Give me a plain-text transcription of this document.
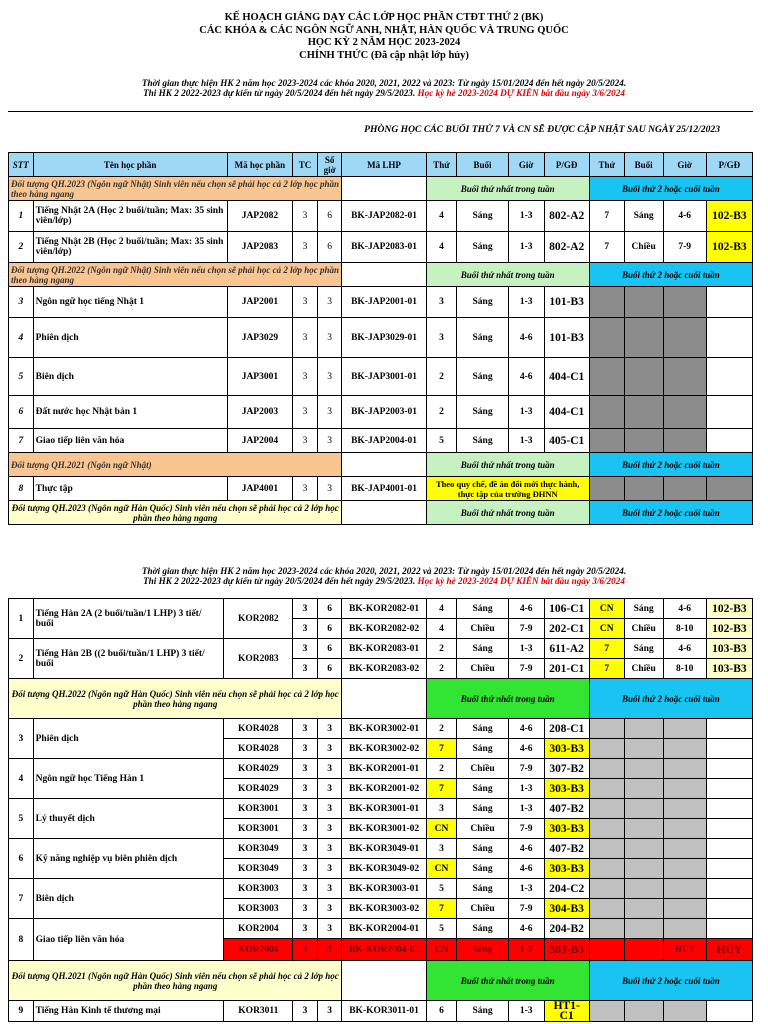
KẾ HOẠCH GIẢNG DẠY CÁC LỚP HỌC PHẦN CTĐT THỨ 2 (BK)
CÁC KHÓA & CÁC NGÔN NGỮ ANH, NHẬT, HÀN QUỐC VÀ TRUNG QUỐC
HỌC KỲ 2 NĂM HỌC 2023-2024
CHÍNH THỨC (Đã cập nhật lớp hủy)
Thời gian thực hiện HK 2 năm học 2023-2024 các khóa 2020, 2021, 2022 và 2023: Từ ngày 15/01/2024 đến hết ngày 20/5/2024.
Thi HK 2 2022-2023 dự kiến từ ngày 20/5/2024 đến hết ngày 29/5/2023. Học kỳ hè 2023-2024 DỰ KIẾN bắt đầu ngày 3/6/2024
PHÒNG HỌC CÁC BUỔI THỨ 7 VÀ CN SẼ ĐƯỢC CẬP NHẬT SAU NGÀY 25/12/2023
STT	Tên học phần	Mã học phần	TC	Số giờ	Mã LHP	Thứ	Buổi	Giờ	P/GĐ	Thứ	Buổi	Giờ	P/GĐ
Đối tượng QH.2023 (Ngôn ngữ Nhật) Sinh viên nếu chọn sẽ phải học cả 2 lớp học phần theo hàng ngang						Buổi thứ nhất trong tuần				Buổi thứ 2 hoặc cuối tuần			
1	Tiếng Nhật 2A (Học 2 buổi/tuần; Max: 35 sinh viên/lớp)	JAP2082	3	6	BK-JAP2082-01	4	Sáng	1-3	802-A2	7	Sáng	4-6	102-B3
2	Tiếng Nhật 2B (Học 2 buổi/tuần; Max: 35 sinh viên/lớp)	JAP2083	3	6	BK-JAP2083-01	4	Sáng	1-3	802-A2	7	Chiều	7-9	102-B3
Đối tượng QH.2022 (Ngôn ngữ Nhật) Sinh viên nếu chọn sẽ phải học cả 2 lớp học phần theo hàng ngang						Buổi thứ nhất trong tuần				Buổi thứ 2 hoặc cuối tuần			
3	Ngôn ngữ học tiếng Nhật 1	JAP2001	3	3	BK-JAP2001-01	3	Sáng	1-3	101-B3				
4	Phiên dịch	JAP3029	3	3	BK-JAP3029-01	3	Sáng	4-6	101-B3				
5	Biên dịch	JAP3001	3	3	BK-JAP3001-01	2	Sáng	4-6	404-C1				
6	Đất nước học Nhật bản 1	JAP2003	3	3	BK-JAP2003-01	2	Sáng	1-3	404-C1				
7	Giao tiếp liên văn hóa	JAP2004	3	3	BK-JAP2004-01	5	Sáng	1-3	405-C1				
Đối tượng QH.2021 (Ngôn ngữ Nhật)						Buổi thứ nhất trong tuần				Buổi thứ 2 hoặc cuối tuần			
8	Thực tập	JAP4001	3	3	BK-JAP4001-01	Theo quy chế, đề án đổi mới thực hành, thực tập của trường ĐHNN							
Đối tượng QH.2023 (Ngôn ngữ Hàn Quốc) Sinh viên nếu chọn sẽ phải học cả 2 lớp học phần theo hàng ngang						Buổi thứ nhất trong tuần				Buổi thứ 2 hoặc cuối tuần			
Thời gian thực hiện HK 2 năm học 2023-2024 các khóa 2020, 2021, 2022 và 2023: Từ ngày 15/01/2024 đến hết ngày 20/5/2024.
Thi HK 2 2022-2023 dự kiến từ ngày 20/5/2024 đến hết ngày 29/5/2023. Học kỳ hè 2023-2024 DỰ KIẾN bắt đầu ngày 3/6/2024
1	Tiếng Hàn 2A (2 buổi/tuần/1 LHP) 3 tiết/ buổi	KOR2082	3	6	BK-KOR2082-01	4	Sáng	4-6	106-C1	CN	Sáng	4-6	102-B3
			3	6	BK-KOR2082-02	4	Chiều	7-9	202-C1	CN	Chiều	8-10	102-B3
2	Tiếng Hàn 2B ((2 buổi/tuần/1 LHP) 3 tiết/ buổi	KOR2083	3	6	BK-KOR2083-01	2	Sáng	1-3	611-A2	7	Sáng	4-6	103-B3
			3	6	BK-KOR2083-02	2	Chiều	7-9	201-C1	7	Chiều	8-10	103-B3
Đối tượng QH.2022 (Ngôn ngữ Hàn Quốc) Sinh viên nếu chọn sẽ phải học cả 2 lớp học phần theo hàng ngang						Buổi thứ nhất trong tuần				Buổi thứ 2 hoặc cuối tuần			
3	Phiên dịch	KOR4028	3	3	BK-KOR3002-01	2	Sáng	4-6	208-C1				
		KOR4028	3	3	BK-KOR3002-02	7	Sáng	4-6	303-B3				
4	Ngôn ngữ học Tiếng Hàn 1	KOR4029	3	3	BK-KOR2001-01	2	Chiều	7-9	307-B2				
		KOR4029	3	3	BK-KOR2001-02	7	Sáng	1-3	303-B3				
5	Lý thuyết dịch	KOR3001	3	3	BK-KOR3001-01	3	Sáng	1-3	407-B2				
		KOR3001	3	3	BK-KOR3001-02	CN	Chiều	7-9	303-B3				
6	Kỹ năng nghiệp vụ biên phiên dịch	KOR3049	3	3	BK-KOR3049-01	3	Sáng	4-6	407-B2				
		KOR3049	3	3	BK-KOR3049-02	CN	Sáng	4-6	303-B3				
7	Biên dịch	KOR3003	3	3	BK-KOR3003-01	5	Sáng	1-3	204-C2				
		KOR3003	3	3	BK-KOR3003-02	7	Chiều	7-9	304-B3				
8	Giao tiếp liên văn hóa	KOR2004	3	3	BK-KOR2004-01	5	Sáng	4-6	204-B2				
		KOR2004	3	3	BK-KOR2004-02	CN	Sáng	1-3	303-B3			HUY	HỦY
Đối tượng QH.2021 (Ngôn ngữ Hàn Quốc) Sinh viên nếu chọn sẽ phải học cả 2 lớp học phần theo hàng ngang						Buổi thứ nhất trong tuần				Buổi thứ 2 hoặc cuối tuần			
9	Tiếng Hàn Kinh tế thương mại	KOR3011	3	3	BK-KOR3011-01	6	Sáng	1-3	HT1-C1				
